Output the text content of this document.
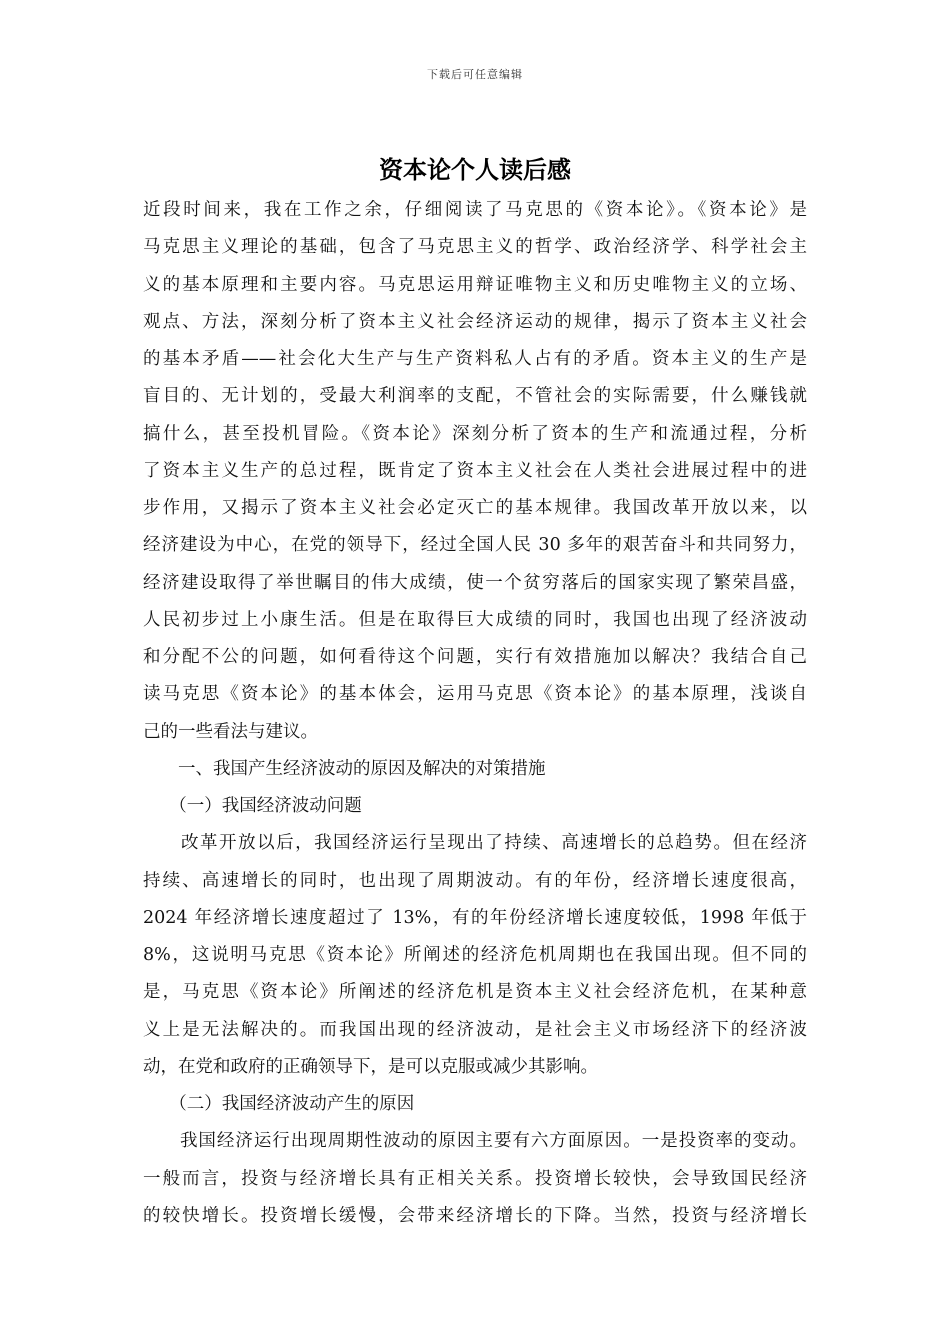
下载后可任意编辑
资本论个人读后感
近段时间来，我在工作之余，仔细阅读了马克思的《资本论》。《资本论》是
马克思主义理论的基础，包含了马克思主义的哲学、政治经济学、科学社会主
义的基本原理和主要内容。马克思运用辩证唯物主义和历史唯物主义的立场、
观点、方法，深刻分析了资本主义社会经济运动的规律，揭示了资本主义社会
的基本矛盾——社会化大生产与生产资料私人占有的矛盾。资本主义的生产是
盲目的、无计划的，受最大利润率的支配，不管社会的实际需要，什么赚钱就
搞什么，甚至投机冒险。《资本论》深刻分析了资本的生产和流通过程，分析
了资本主义生产的总过程，既肯定了资本主义社会在人类社会进展过程中的进
步作用，又揭示了资本主义社会必定灭亡的基本规律。我国改革开放以来，以
经济建设为中心，在党的领导下，经过全国人民 30 多年的艰苦奋斗和共同努力，
经济建设取得了举世瞩目的伟大成绩，使一个贫穷落后的国家实现了繁荣昌盛，
人民初步过上小康生活。但是在取得巨大成绩的同时，我国也出现了经济波动
和分配不公的问题，如何看待这个问题，实行有效措施加以解决？我结合自己
读马克思《资本论》的基本体会，运用马克思《资本论》的基本原理，浅谈自
己的一些看法与建议。
　　一、我国产生经济波动的原因及解决的对策措施
　　（一）我国经济波动问题
　　改革开放以后，我国经济运行呈现出了持续、高速增长的总趋势。但在经济
持续、高速增长的同时，也出现了周期波动。有的年份，经济增长速度很高，
2024 年经济增长速度超过了 13%，有的年份经济增长速度较低，1998 年低于
8%，这说明马克思《资本论》所阐述的经济危机周期也在我国出现。但不同的
是，马克思《资本论》所阐述的经济危机是资本主义社会经济危机，在某种意
义上是无法解决的。而我国出现的经济波动，是社会主义市场经济下的经济波
动，在党和政府的正确领导下，是可以克服或减少其影响。
　　（二）我国经济波动产生的原因
　　我国经济运行出现周期性波动的原因主要有六方面原因。一是投资率的变动。
一般而言，投资与经济增长具有正相关关系。投资增长较快，会导致国民经济
的较快增长。投资增长缓慢，会带来经济增长的下降。当然，投资与经济增长
